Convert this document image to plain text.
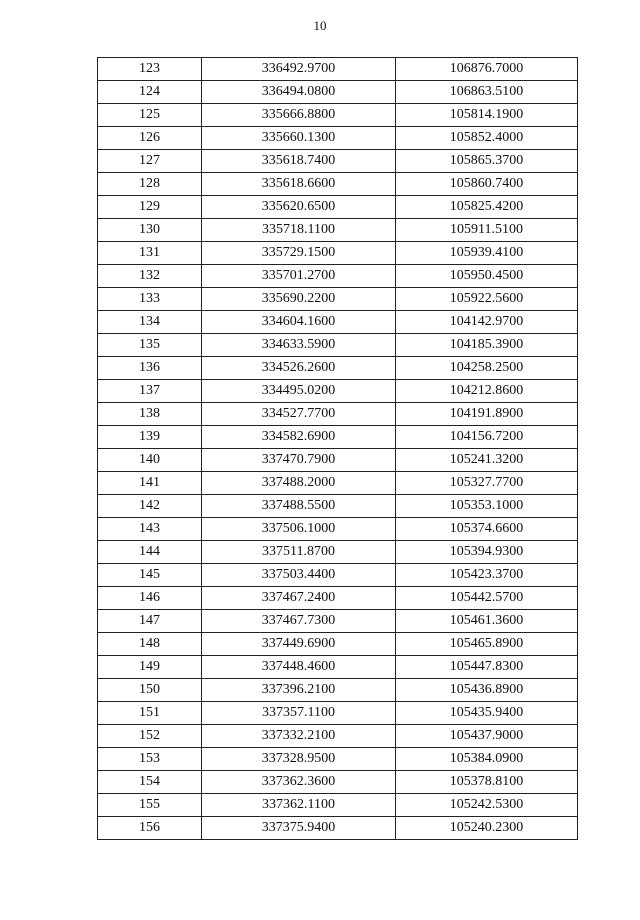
10
123	336492.9700	106876.7000
124	336494.0800	106863.5100
125	335666.8800	105814.1900
126	335660.1300	105852.4000
127	335618.7400	105865.3700
128	335618.6600	105860.7400
129	335620.6500	105825.4200
130	335718.1100	105911.5100
131	335729.1500	105939.4100
132	335701.2700	105950.4500
133	335690.2200	105922.5600
134	334604.1600	104142.9700
135	334633.5900	104185.3900
136	334526.2600	104258.2500
137	334495.0200	104212.8600
138	334527.7700	104191.8900
139	334582.6900	104156.7200
140	337470.7900	105241.3200
141	337488.2000	105327.7700
142	337488.5500	105353.1000
143	337506.1000	105374.6600
144	337511.8700	105394.9300
145	337503.4400	105423.3700
146	337467.2400	105442.5700
147	337467.7300	105461.3600
148	337449.6900	105465.8900
149	337448.4600	105447.8300
150	337396.2100	105436.8900
151	337357.1100	105435.9400
152	337332.2100	105437.9000
153	337328.9500	105384.0900
154	337362.3600	105378.8100
155	337362.1100	105242.5300
156	337375.9400	105240.2300
